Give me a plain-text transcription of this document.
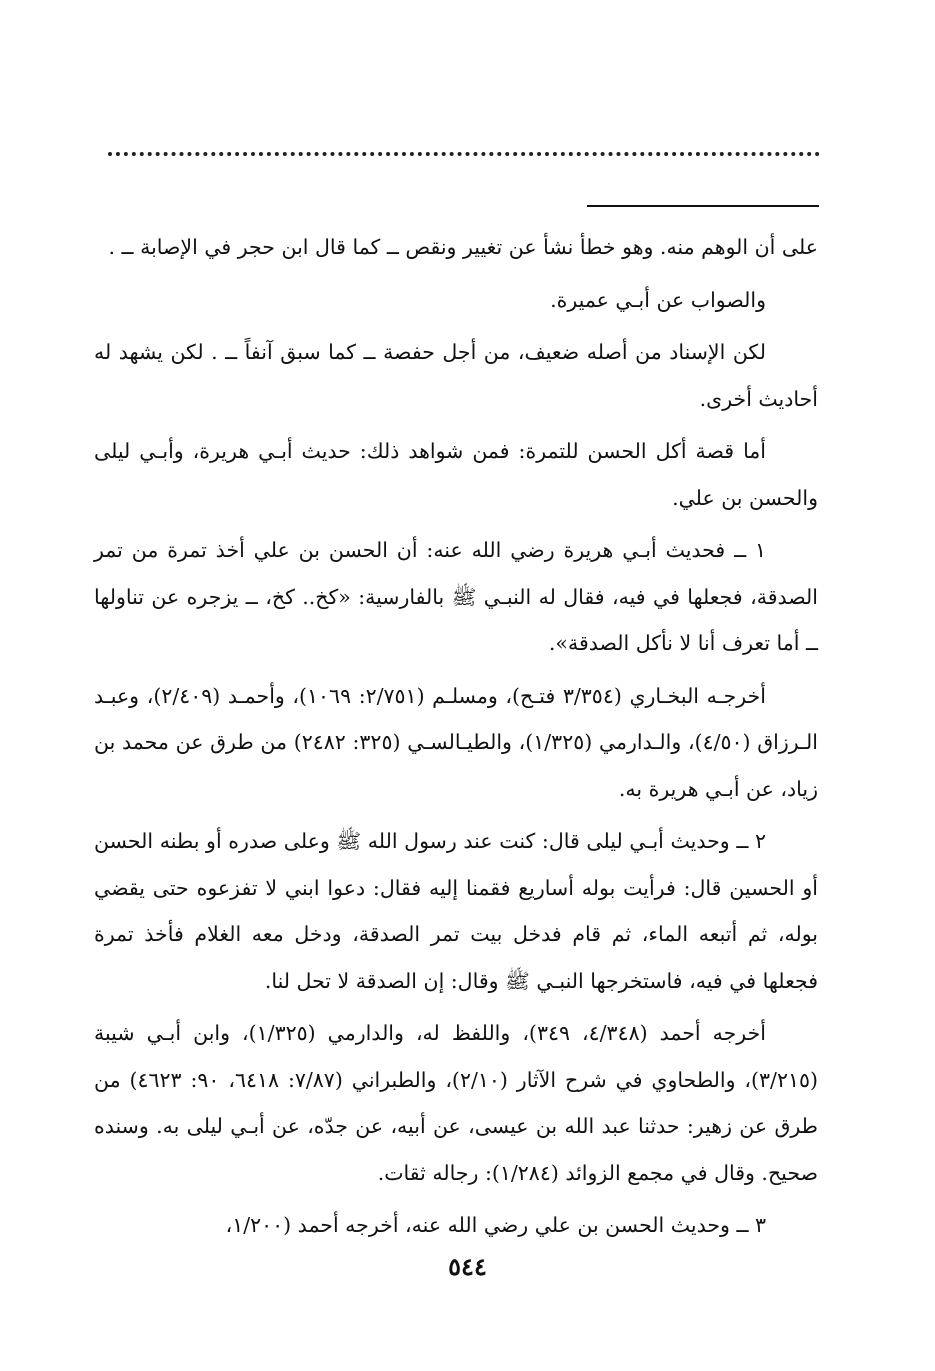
على أن الوهم منه. وهو خطأ نشأ عن تغيير ونقص ــ كما قال ابن حجر في الإصابة ــ .

والصواب عن أبـي عميرة.

لكن الإسناد من أصله ضعيف، من أجل حفصة ــ كما سبق آنفاً ــ . لكن يشهد له أحاديث أخرى.

أما قصة أكل الحسن للتمرة: فمن شواهد ذلك: حديث أبـي هريرة، وأبـي ليلى والحسن بن علي.

١ ــ فحديث أبـي هريرة رضي الله عنه: أن الحسن بن علي أخذ تمرة من تمر الصدقة، فجعلها في فيه، فقال له النبـي ﷺ بالفارسية: «كخ.. كخ، ــ يزجره عن تناولها ــ أما تعرف أنا لا نأكل الصدقة».

أخرجـه البخـاري (٣/٣٥٤ فتـح)، ومسلـم (٢/٧٥١: ١٠٦٩)، وأحمـد (٢/٤٠٩)، وعبـد الـرزاق (٤/٥٠)، والـدارمي (١/٣٢٥)، والطيـالسـي (٣٢٥: ٢٤٨٢) من طرق عن محمد بن زياد، عن أبـي هريرة به.

٢ ــ وحديث أبـي ليلى قال: كنت عند رسول الله ﷺ وعلى صدره أو بطنه الحسن أو الحسين قال: فرأيت بوله أساريع فقمنا إليه فقال: دعوا ابني لا تفزعوه حتى يقضي بوله، ثم أتبعه الماء، ثم قام فدخل بيت تمر الصدقة، ودخل معه الغلام فأخذ تمرة فجعلها في فيه، فاستخرجها النبـي ﷺ وقال: إن الصدقة لا تحل لنا.

أخرجه أحمد (٤/٣٤٨، ٣٤٩)، واللفظ له، والدارمي (١/٣٢٥)، وابن أبـي شيبة (٣/٢١٥)، والطحاوي في شرح الآثار (٢/١٠)، والطبراني (٧/٨٧: ٦٤١٨، ٩٠: ٤٦٢٣) من طرق عن زهير: حدثنا عبد الله بن عيسى، عن أبيه، عن جدّه، عن أبـي ليلى به. وسنده صحيح. وقال في مجمع الزوائد (١/٢٨٤): رجاله ثقات.

٣ ــ وحديث الحسن بن علي رضي الله عنه، أخرجه أحمد (١/٢٠٠،

٥٤٤
